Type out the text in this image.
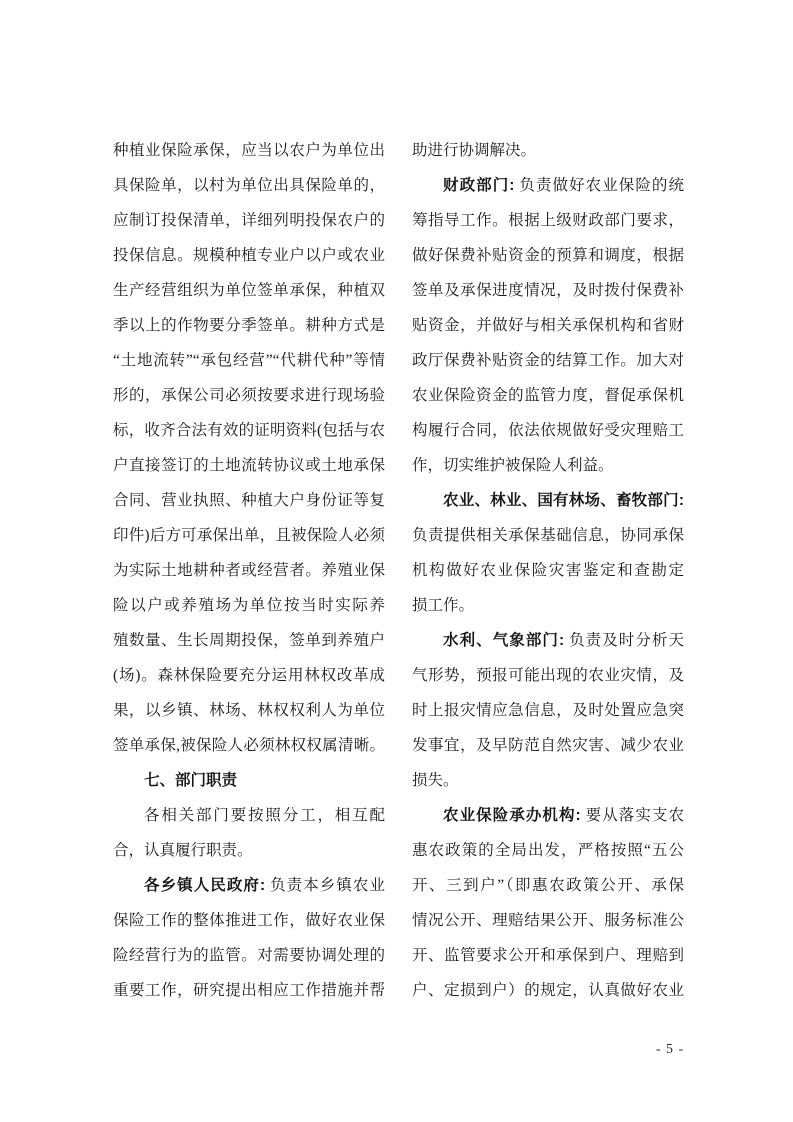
种植业保险承保，应当以农户为单位出
具保险单，以村为单位出具保险单的，
应制订投保清单，详细列明投保农户的
投保信息。规模种植专业户以户或农业
生产经营组织为单位签单承保，种植双
季以上的作物要分季签单。耕种方式是
“土地流转”“承包经营”“代耕代种”等情
形的，承保公司必须按要求进行现场验
标，收齐合法有效的证明资料(包括与农
户直接签订的土地流转协议或土地承保
合同、营业执照、种植大户身份证等复
印件)后方可承保出单，且被保险人必须
为实际土地耕种者或经营者。养殖业保
险以户或养殖场为单位按当时实际养
殖数量、生长周期投保，签单到养殖户
(场)。森林保险要充分运用林权改革成
果，以乡镇、林场、林权权利人为单位
签单承保,被保险人必须林权权属清晰。
七、部门职责
各相关部门要按照分工，相互配
合，认真履行职责。
各乡镇人民政府: 负责本乡镇农业
保险工作的整体推进工作，做好农业保
险经营行为的监管。对需要协调处理的
重要工作，研究提出相应工作措施并帮
助进行协调解决。
财政部门: 负责做好农业保险的统
筹指导工作。根据上级财政部门要求，
做好保费补贴资金的预算和调度，根据
签单及承保进度情况，及时拨付保费补
贴资金，并做好与相关承保机构和省财
政厅保费补贴资金的结算工作。加大对
农业保险资金的监管力度，督促承保机
构履行合同，依法依规做好受灾理赔工
作，切实维护被保险人利益。
农业、林业、国有林场、畜牧部门:
负责提供相关承保基础信息，协同承保
机构做好农业保险灾害鉴定和查勘定
损工作。
水利、气象部门: 负责及时分析天
气形势，预报可能出现的农业灾情，及
时上报灾情应急信息，及时处置应急突
发事宜，及早防范自然灾害、减少农业
损失。
农业保险承办机构: 要从落实支农
惠农政策的全局出发，严格按照“五公
开、三到户”（即惠农政策公开、承保
情况公开、理赔结果公开、服务标准公
开、监管要求公开和承保到户、理赔到
户、定损到户）的规定，认真做好农业
- 5 -
